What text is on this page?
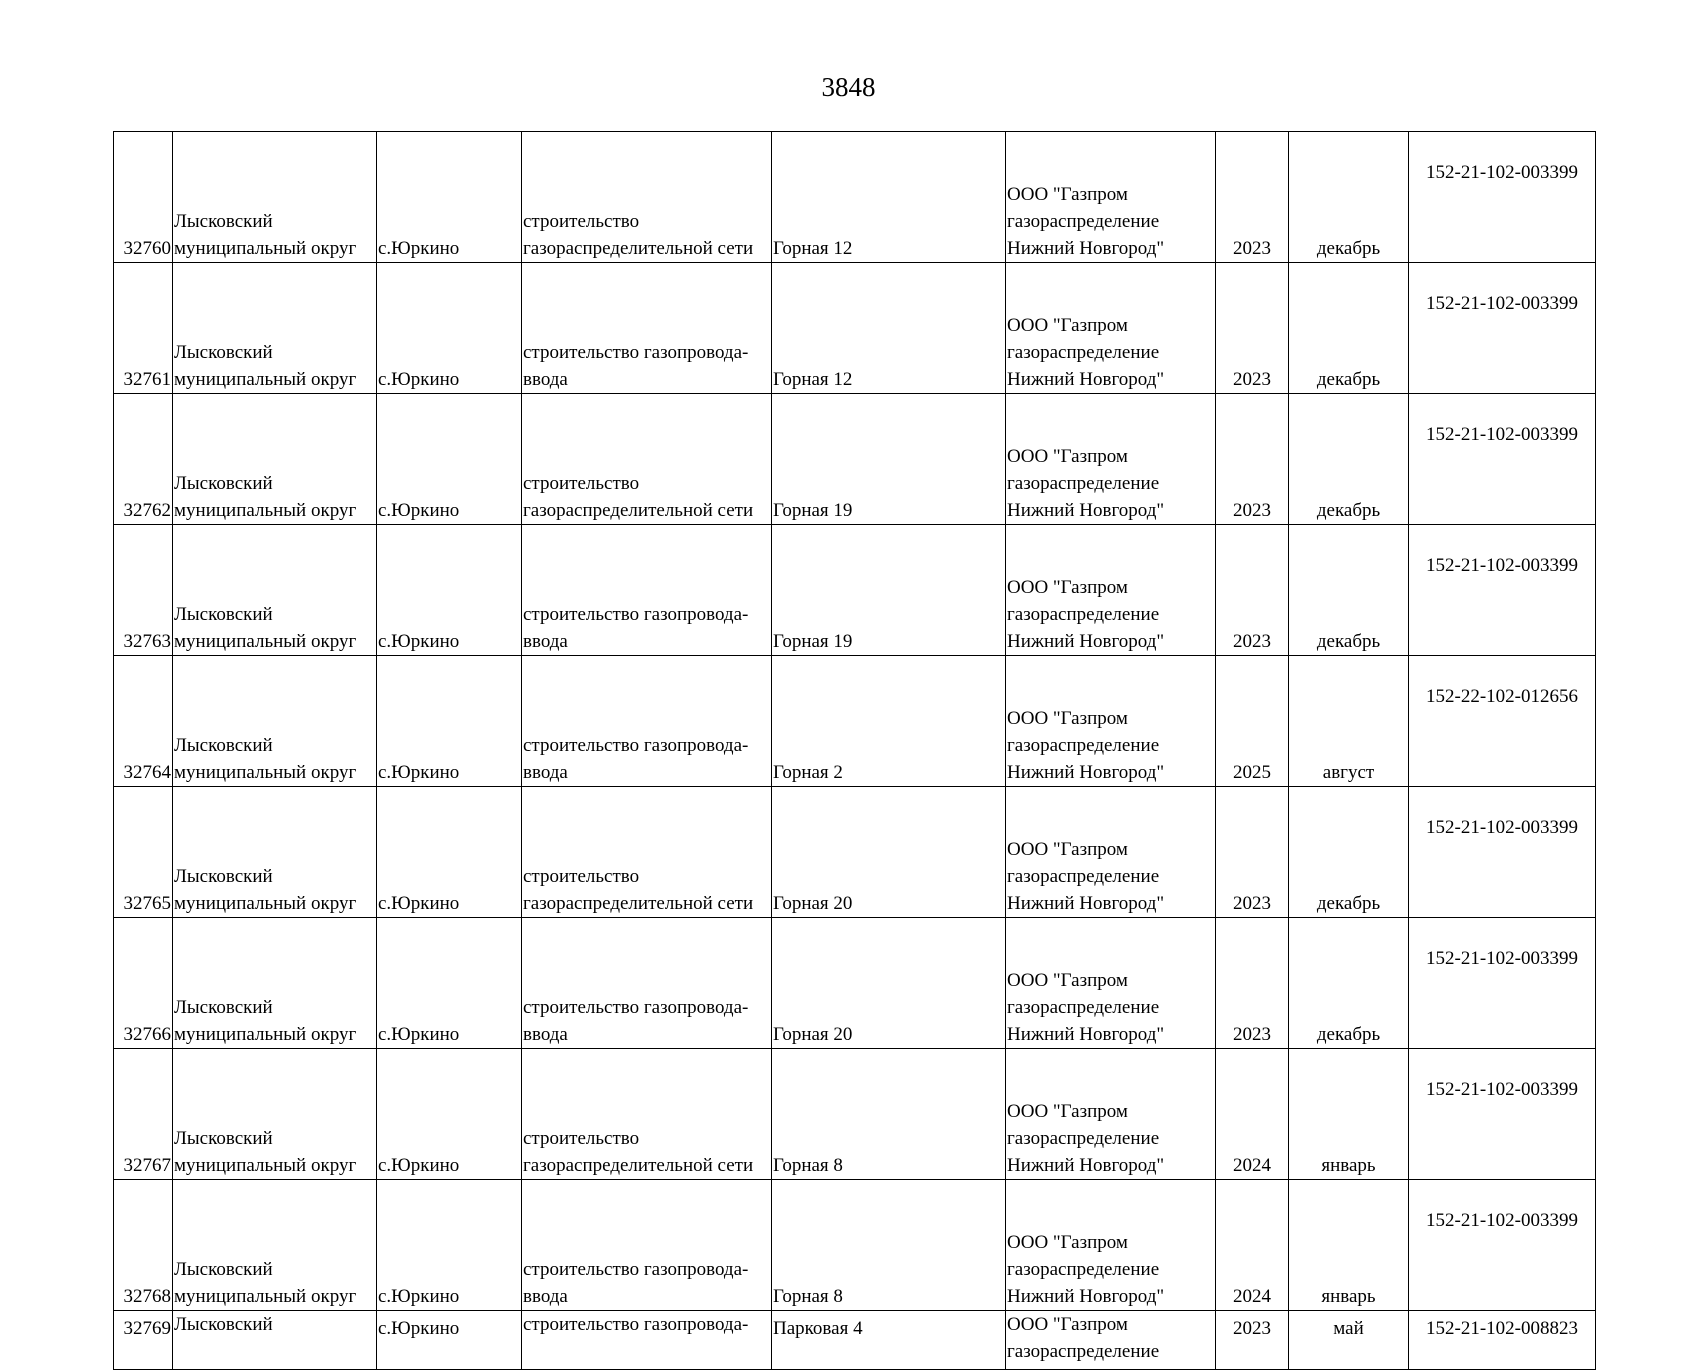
3848
32760	Лысковский
муниципальный округ	с.Юркино	строительство
газораспределительной сети	Горная 12	ООО "Газпром
газораспределение
Нижний Новгород"	2023	декабрь	152-21-102-003399
32761	Лысковский
муниципальный округ	с.Юркино	строительство газопровода-
ввода	Горная 12	ООО "Газпром
газораспределение
Нижний Новгород"	2023	декабрь	152-21-102-003399
32762	Лысковский
муниципальный округ	с.Юркино	строительство
газораспределительной сети	Горная 19	ООО "Газпром
газораспределение
Нижний Новгород"	2023	декабрь	152-21-102-003399
32763	Лысковский
муниципальный округ	с.Юркино	строительство газопровода-
ввода	Горная 19	ООО "Газпром
газораспределение
Нижний Новгород"	2023	декабрь	152-21-102-003399
32764	Лысковский
муниципальный округ	с.Юркино	строительство газопровода-
ввода	Горная 2	ООО "Газпром
газораспределение
Нижний Новгород"	2025	август	152-22-102-012656
32765	Лысковский
муниципальный округ	с.Юркино	строительство
газораспределительной сети	Горная 20	ООО "Газпром
газораспределение
Нижний Новгород"	2023	декабрь	152-21-102-003399
32766	Лысковский
муниципальный округ	с.Юркино	строительство газопровода-
ввода	Горная 20	ООО "Газпром
газораспределение
Нижний Новгород"	2023	декабрь	152-21-102-003399
32767	Лысковский
муниципальный округ	с.Юркино	строительство
газораспределительной сети	Горная 8	ООО "Газпром
газораспределение
Нижний Новгород"	2024	январь	152-21-102-003399
32768	Лысковский
муниципальный округ	с.Юркино	строительство газопровода-
ввода	Горная 8	ООО "Газпром
газораспределение
Нижний Новгород"	2024	январь	152-21-102-003399
32769	Лысковский	с.Юркино	строительство газопровода-	Парковая 4	ООО "Газпром
газораспределение	2023	май	152-21-102-008823
